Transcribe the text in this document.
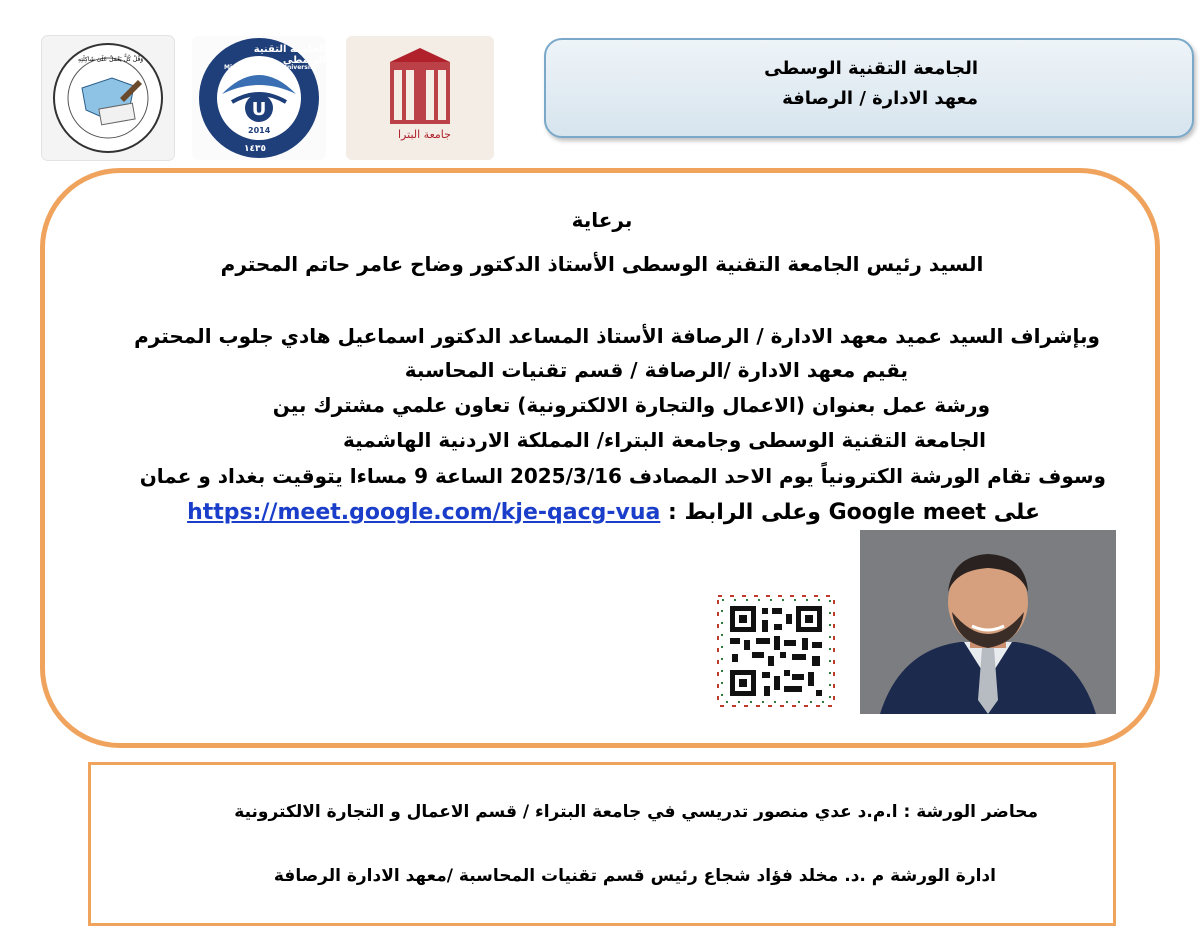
وَقُلْ كُلٌّ يَعْمَلُ عَلَىٰ شَاكِلَتِهِ
U
الجامعة التقنية الوسطى
Middle Technical University
2014
١٤٣٥
جامعة البترا
الجامعة التقنية الوسطى
معهد الادارة / الرصافة
برعاية
السيد رئيس الجامعة التقنية الوسطى الأستاذ الدكتور وضاح عامر حاتم المحترم
وبإشراف السيد عميد معهد الادارة / الرصافة الأستاذ المساعد الدكتور اسماعيل هادي جلوب المحترم
يقيم معهد الادارة /الرصافة / قسم تقنيات المحاسبة
ورشة عمل بعنوان (الاعمال والتجارة الالكترونية) تعاون علمي مشترك بين
الجامعة التقنية الوسطى وجامعة البتراء/ المملكة الاردنية الهاشمية
وسوف تقام الورشة الكترونياً يوم الاحد المصادف 2025/3/16 الساعة 9 مساءا يتوقيت بغداد و عمان
على Google meet وعلى الرابط : https://meet.google.com/kje-qacg-vua
محاضر الورشة : ا.م.د عدي منصور تدريسي في جامعة البتراء / قسم الاعمال و التجارة الالكترونية
ادارة الورشة م .د. مخلد فؤاد شجاع رئيس قسم تقنيات المحاسبة /معهد الادارة الرصافة
